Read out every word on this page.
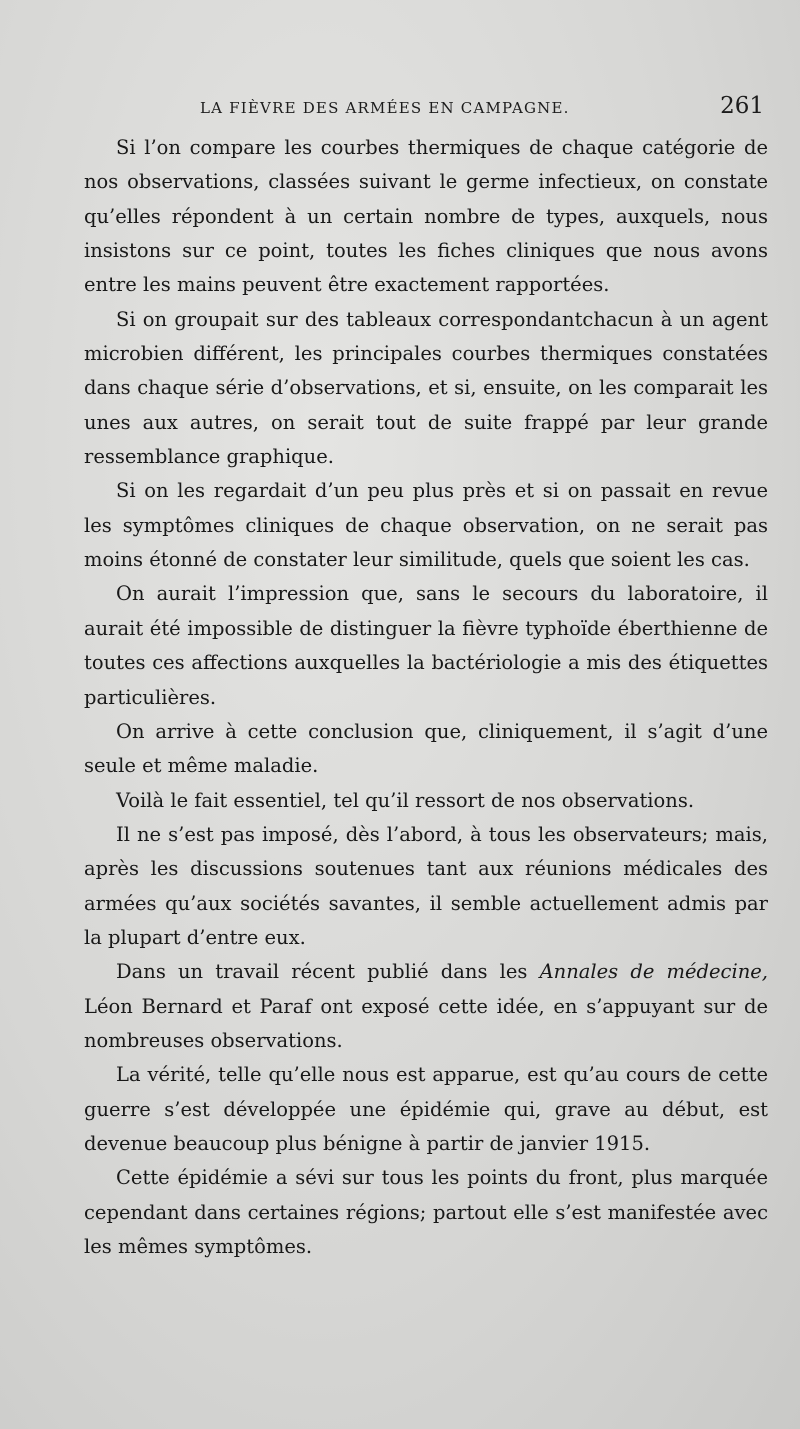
LA FIÈVRE DES ARMÉES EN CAMPAGNE.	261

Si l’on compare les courbes thermiques de chaque catégorie de nos observations, classées suivant le germe infectieux, on constate qu’elles répondent à un certain nombre de types, auxquels, nous insistons sur ce point, toutes les fiches cliniques que nous avons entre les mains peuvent être exactement rapportées.

Si on groupait sur des tableaux correspondantchacun à un agent microbien différent, les principales courbes thermiques constatées dans chaque série d’observations, et si, ensuite, on les comparait les unes aux autres, on serait tout de suite frappé par leur grande ressemblance graphique.

Si on les regardait d’un peu plus près et si on passait en revue les symptômes cliniques de chaque observation, on ne serait pas moins étonné de constater leur similitude, quels que soient les cas.

On aurait l’impression que, sans le secours du laboratoire, il aurait été impossible de distinguer la fièvre typhoïde éberthienne de toutes ces affections auxquelles la bactériologie a mis des étiquettes particulières.

On arrive à cette conclusion que, cliniquement, il s’agit d’une seule et même maladie.

Voilà le fait essentiel, tel qu’il ressort de nos observations.

Il ne s’est pas imposé, dès l’abord, à tous les observateurs; mais, après les discussions soutenues tant aux réunions médicales des armées qu’aux sociétés savantes, il semble actuellement admis par la plupart d’entre eux.

Dans un travail récent publié dans les Annales de médecine, Léon Bernard et Paraf ont exposé cette idée, en s’appuyant sur de nombreuses observations.

La vérité, telle qu’elle nous est apparue, est qu’au cours de cette guerre s’est développée une épidémie qui, grave au début, est devenue beaucoup plus bénigne à partir de janvier 1915.

Cette épidémie a sévi sur tous les points du front, plus marquée cependant dans certaines régions; partout elle s’est manifestée avec les mêmes symptômes.
